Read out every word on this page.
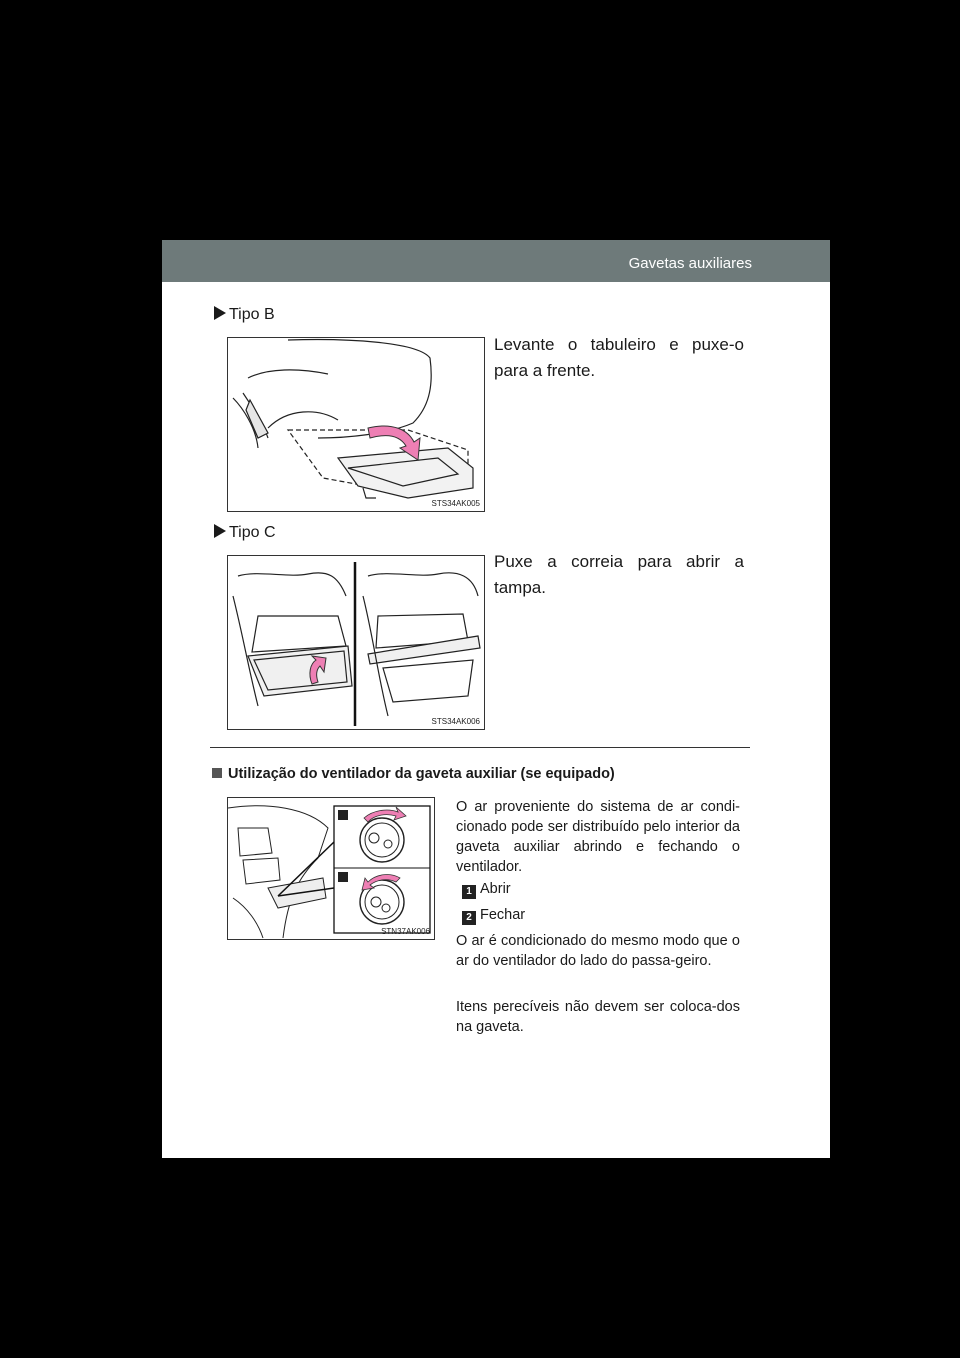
Gavetas auxiliares
Tipo B
Levante o tabuleiro e puxe-o para a frente.
STS34AK005
Tipo C
Puxe a correia para abrir a tampa.
STS34AK006
Utilização do ventilador da gaveta auxiliar (se equipado)
STN37AK006
O ar proveniente do sistema de ar condi-cionado pode ser distribuído pelo interior da gaveta auxiliar abrindo e fechando o ventilador.
1 Abrir
2 Fechar
O ar é condicionado do mesmo modo que o ar do ventilador do lado do passa-geiro.
Itens perecíveis não devem ser coloca-dos na gaveta.
376
